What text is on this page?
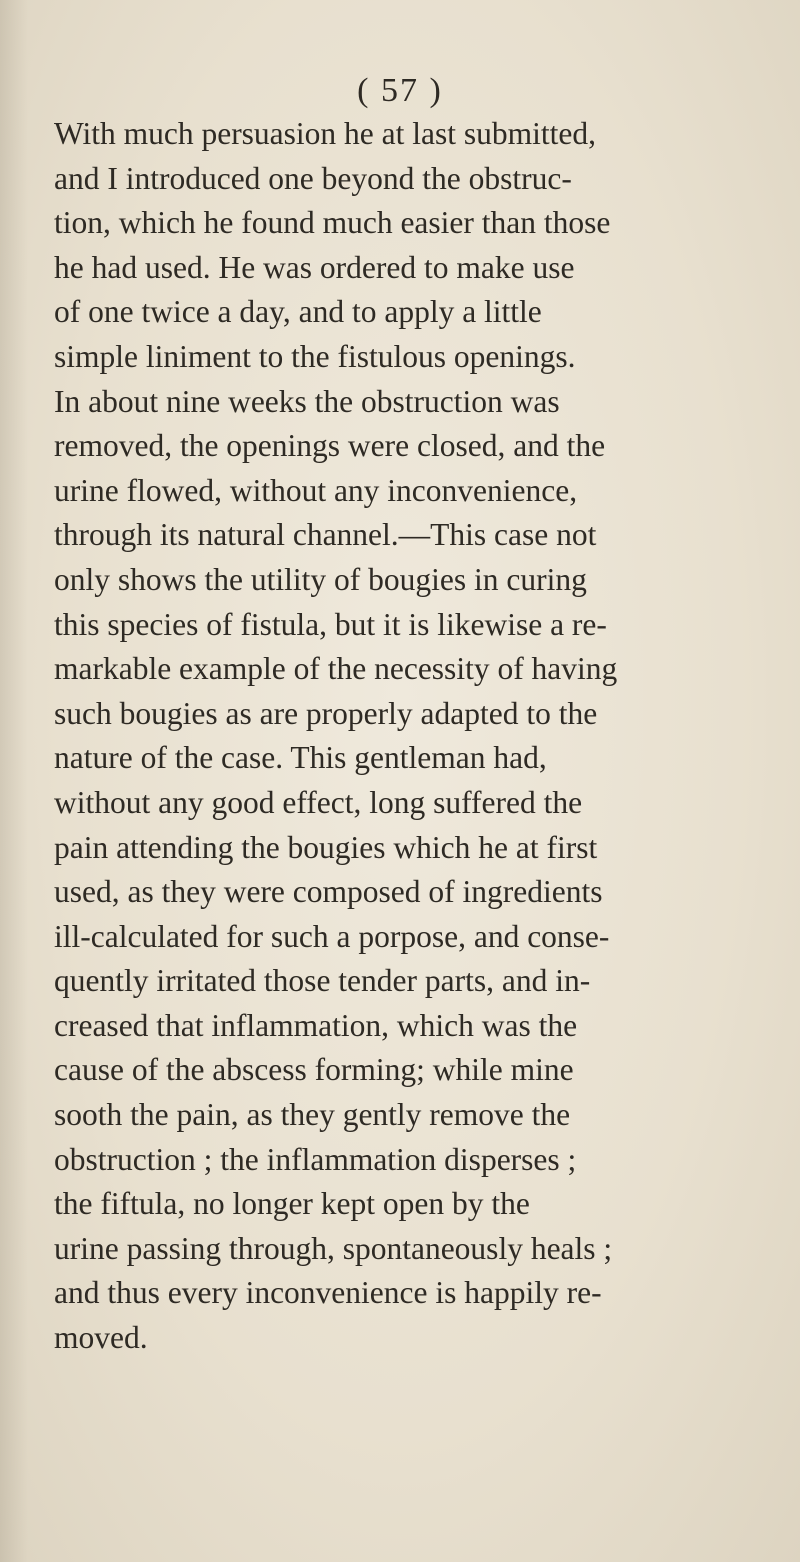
( 57 )
With much persuasion he at last submitted,
and I introduced one beyond the obstruc-
tion, which he found much easier than those
he had used. He was ordered to make use
of one twice a day, and to apply a little
simple liniment to the fistulous openings.
In about nine weeks the obstruction was
removed, the openings were closed, and the
urine flowed, without any inconvenience,
through its natural channel.—This case not
only shows the utility of bougies in curing
this species of fistula, but it is likewise a re-
markable example of the necessity of having
such bougies as are properly adapted to the
nature of the case. This gentleman had,
without any good effect, long suffered the
pain attending the bougies which he at first
used, as they were composed of ingredients
ill-calculated for such a porpose, and conse-
quently irritated those tender parts, and in-
creased that inflammation, which was the
cause of the abscess forming; while mine
sooth the pain, as they gently remove the
obstruction ; the inflammation disperses ;
the fiftula, no longer kept open by the
urine passing through, spontaneously heals ;
and thus every inconvenience is happily re-
moved.
